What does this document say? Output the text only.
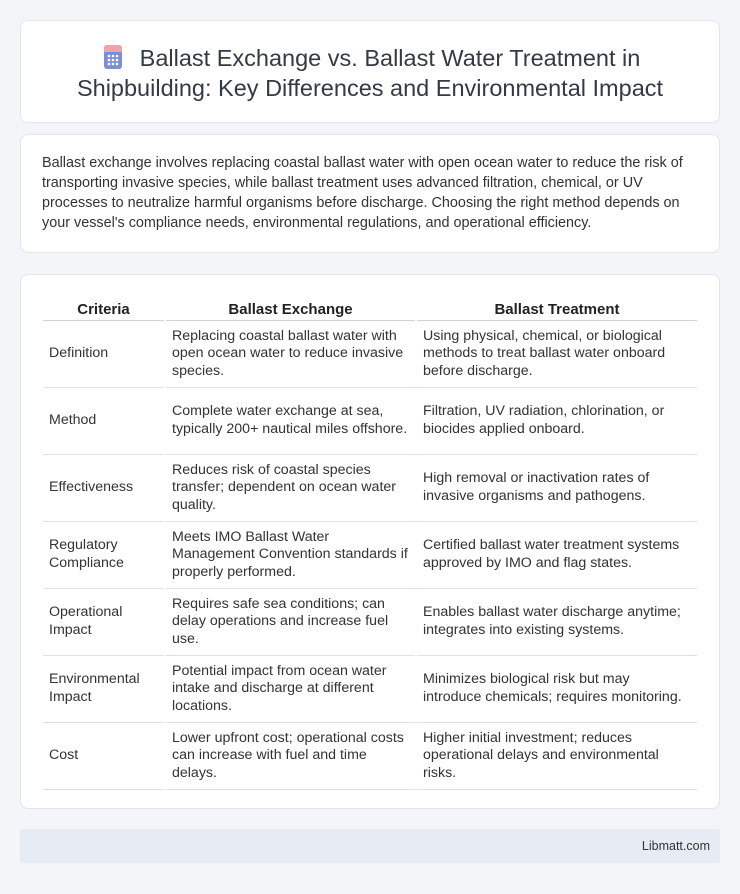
Ballast Exchange vs. Ballast Water Treatment in Shipbuilding: Key Differences and Environmental Impact

Ballast exchange involves replacing coastal ballast water with open ocean water to reduce the risk of transporting invasive species, while ballast treatment uses advanced filtration, chemical, or UV processes to neutralize harmful organisms before discharge. Choosing the right method depends on your vessel's compliance needs, environmental regulations, and operational efficiency.

Criteria	Ballast Exchange	Ballast Treatment
Definition	Replacing coastal ballast water with open ocean water to reduce invasive species.	Using physical, chemical, or biological methods to treat ballast water onboard before discharge.
Method	Complete water exchange at sea, typically 200+ nautical miles offshore.	Filtration, UV radiation, chlorination, or biocides applied onboard.
Effectiveness	Reduces risk of coastal species transfer; dependent on ocean water quality.	High removal or inactivation rates of invasive organisms and pathogens.
Regulatory Compliance	Meets IMO Ballast Water Management Convention standards if properly performed.	Certified ballast water treatment systems approved by IMO and flag states.
Operational Impact	Requires safe sea conditions; can delay operations and increase fuel use.	Enables ballast water discharge anytime; integrates into existing systems.
Environmental Impact	Potential impact from ocean water intake and discharge at different locations.	Minimizes biological risk but may introduce chemicals; requires monitoring.
Cost	Lower upfront cost; operational costs can increase with fuel and time delays.	Higher initial investment; reduces operational delays and environmental risks.
Libmatt.com
